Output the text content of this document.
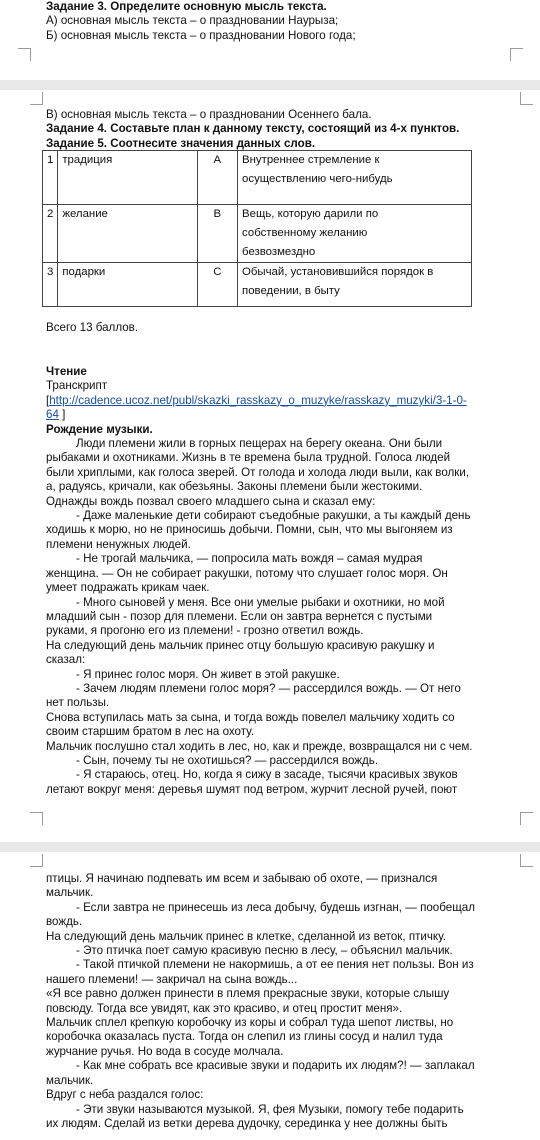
Задание 3. Определите основную мысль текста.
А) основная мысль текста – о праздновании Наурыза;
Б) основная мысль текста – о праздновании Нового года;
В) основная мысль текста – о праздновании Осеннего бала.
Задание 4. Составьте план к данному тексту, состоящий из 4-х пунктов.
Задание 5. Соотнесите значения данных слов.
1	традиция	А	Внутреннее стремление к
осуществлению чего-нибудь

2	желание	В	Вещь, которую дарили по
собственному желанию
безвозмездно

3	подарки	С	Обычай, установившийся порядок в
поведении, в быту
Всего 13 баллов.
Чтение
Транскрипт
[http://cadence.ucoz.net/publ/skazki_rasskazy_o_muzyke/rasskazy_muzyki/3-1-0-
64 ]
Рождение музыки.
Люди племени жили в горных пещерах на берегу океана. Они были
рыбаками и охотниками. Жизнь в те времена была трудной. Голоса людей
были хриплыми, как голоса зверей. От голода и холода люди выли, как волки,
а, радуясь, кричали, как обезьяны. Законы племени были жестокими.
Однажды вождь позвал своего младшего сына и сказал ему:
- Даже маленькие дети собирают съедобные ракушки, а ты каждый день
ходишь к морю, но не приносишь добычи. Помни, сын, что мы выгоняем из
племени ненужных людей.
- Не трогай мальчика, — попросила мать вождя – самая мудрая
женщина. — Он не собирает ракушки, потому что слушает голос моря. Он
умеет подражать крикам чаек.
- Много сыновей у меня. Все они умелые рыбаки и охотники, но мой
младший сын - позор для племени. Если он завтра вернется с пустыми
руками, я прогоню его из племени! - грозно ответил вождь.
На следующий день мальчик принес отцу большую красивую ракушку и
сказал:
- Я принес голос моря. Он живет в этой ракушке.
- Зачем людям племени голос моря? — рассердился вождь. — От него
нет пользы.
Снова вступилась мать за сына, и тогда вождь повелел мальчику ходить со
своим старшим братом в лес на охоту.
Мальчик послушно стал ходить в лес, но, как и прежде, возвращался ни с чем.
- Сын, почему ты не охотишься? — рассердился вождь.
- Я стараюсь, отец. Но, когда я сижу в засаде, тысячи красивых звуков
летают вокруг меня: деревья шумят под ветром, журчит лесной ручей, поют
птицы. Я начинаю подпевать им всем и забываю об охоте, — признался
мальчик.
- Если завтра не принесешь из леса добычу, будешь изгнан, — пообещал
вождь.
На следующий день мальчик принес в клетке, сделанной из веток, птичку.
- Это птичка поет самую красивую песню в лесу, – объяснил мальчик.
- Такой птичкой племени не накормишь, а от ее пения нет пользы. Вон из
нашего племени! — закричал на сына вождь...
«Я все равно должен принести в племя прекрасные звуки, которые слышу
повсюду. Тогда все увидят, как это красиво, и отец простит меня».
Мальчик сплел крепкую коробочку из коры и собрал туда шепот листвы, но
коробочка оказалась пуста. Тогда он слепил из глины сосуд и налил туда
журчание ручья. Но вода в сосуде молчала.
- Как мне собрать все красивые звуки и подарить их людям?! — заплакал
мальчик.
Вдруг с неба раздался голос:
- Эти звуки называются музыкой. Я, фея Музыки, помогу тебе подарить
их людям. Сделай из ветки дерева дудочку, серединка у нее должны быть
